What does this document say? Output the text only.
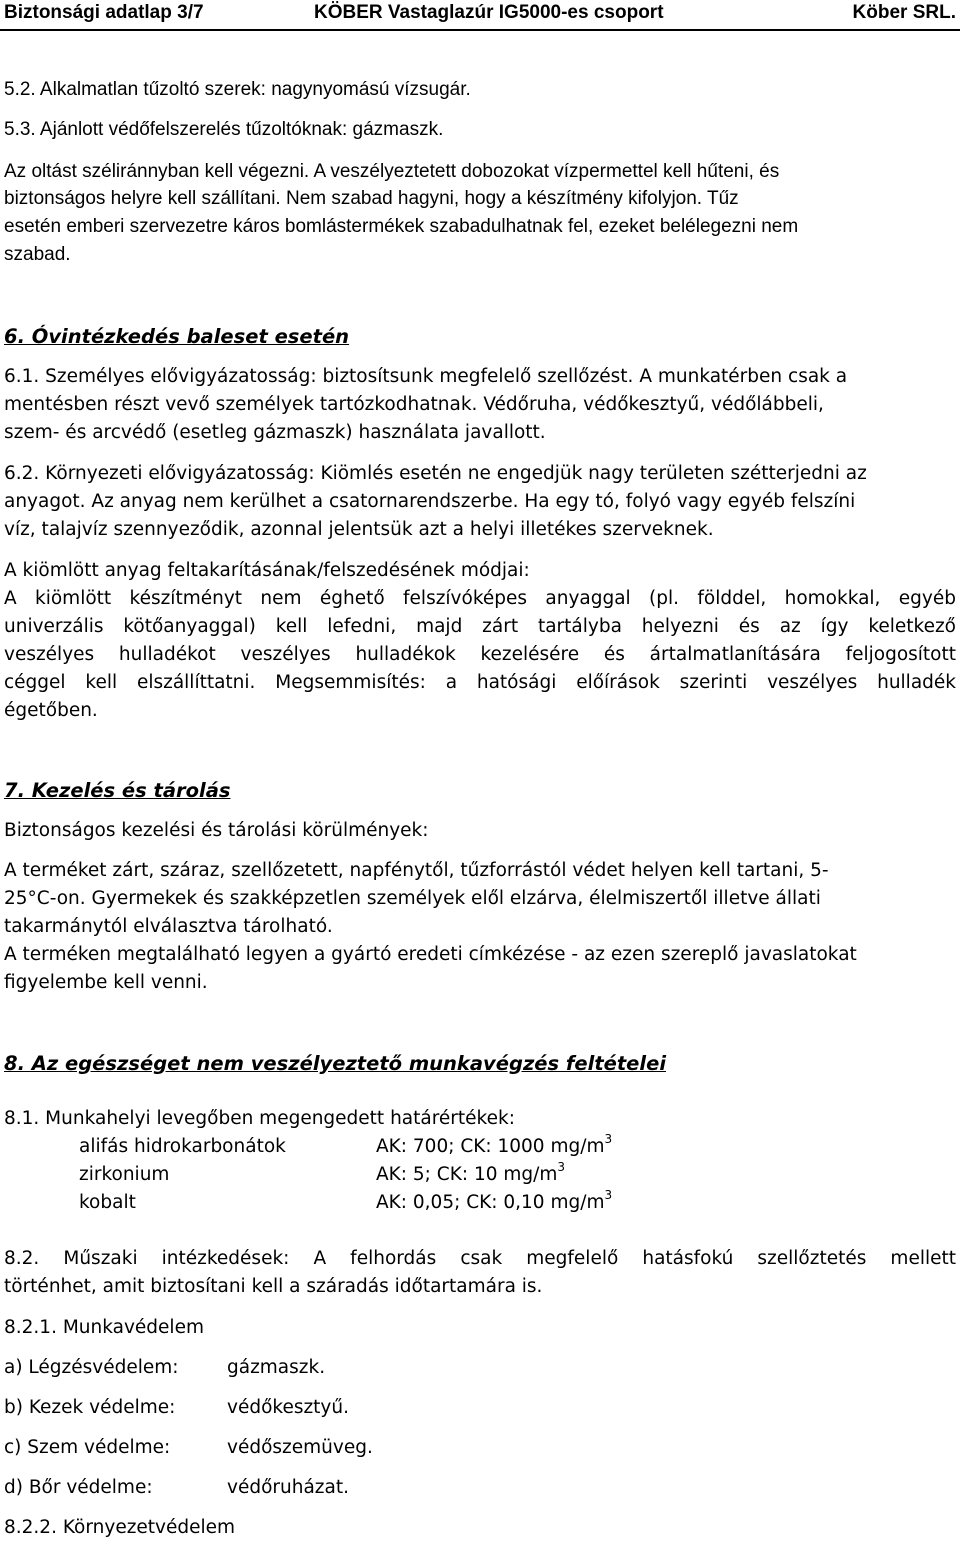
Biztonsági adatlap 3/7	KÖBER Vastaglazúr IG5000-es csoport	Köber SRL.
5.2. Alkalmatlan tűzoltó szerek: nagynyomású vízsugár.
5.3. Ajánlott védőfelszerelés tűzoltóknak: gázmaszk.
Az oltást széliránnyban kell végezni. A veszélyeztetett dobozokat vízpermettel kell hűteni, és
biztonságos helyre kell szállítani. Nem szabad hagyni, hogy a készítmény kifolyjon. Tűz
esetén emberi szervezetre káros bomlástermékek szabadulhatnak fel, ezeket belélegezni nem
szabad.
6. Óvintézkedés baleset esetén
6.1. Személyes elővigyázatosság: biztosítsunk megfelelő szellőzést. A munkatérben csak a
mentésben részt vevő személyek tartózkodhatnak. Védőruha, védőkesztyű, védőlábbeli,
szem- és arcvédő (esetleg gázmaszk) használata javallott.
6.2. Környezeti elővigyázatosság: Kiömlés esetén ne engedjük nagy területen szétterjedni az
anyagot. Az anyag nem kerülhet a csatornarendszerbe. Ha egy tó, folyó vagy egyéb felszíni
víz, talajvíz szennyeződik, azonnal jelentsük azt a helyi illetékes szerveknek.
A kiömlött anyag feltakarításának/felszedésének módjai:
A kiömlött készítményt nem éghető felszívóképes anyaggal (pl. földdel, homokkal, egyéb
univerzális kötőanyaggal) kell lefedni, majd zárt tartályba helyezni és az így keletkező
veszélyes hulladékot veszélyes hulladékok kezelésére és ártalmatlanítására feljogosított
céggel kell elszállíttatni. Megsemmisítés: a hatósági előírások szerinti veszélyes hulladék
égetőben.
7. Kezelés és tárolás
Biztonságos kezelési és tárolási körülmények:
A terméket zárt, száraz, szellőzetett, napfénytől, tűzforrástól védet helyen kell tartani, 5-
25°C-on. Gyermekek és szakképzetlen személyek elől elzárva, élelmiszertől illetve állati
takarmánytól elválasztva tárolható.
A terméken megtalálható legyen a gyártó eredeti címkézése - az ezen szereplő javaslatokat
figyelembe kell venni.
8. Az egészséget nem veszélyeztető munkavégzés feltételei
8.1. Munkahelyi levegőben megengedett határértékek:
alifás hidrokarbonátok	AK: 700; CK: 1000 $mg/m^3$
zirkonium	AK: 5; CK: 10 $mg/m^3$
kobalt	AK: 0,05; CK: 0,10 $mg/m^3$
8.2. Műszaki intézkedések: A felhordás csak megfelelő hatásfokú szellőztetés mellett
történhet, amit biztosítani kell a száradás időtartamára is.
8.2.1. Munkavédelem
a) Légzésvédelem:	gázmaszk.
b) Kezek védelme:	védőkesztyű.
c) Szem védelme:	védőszemüveg.
d) Bőr védelme:	védőruházat.
8.2.2. Környezetvédelem
